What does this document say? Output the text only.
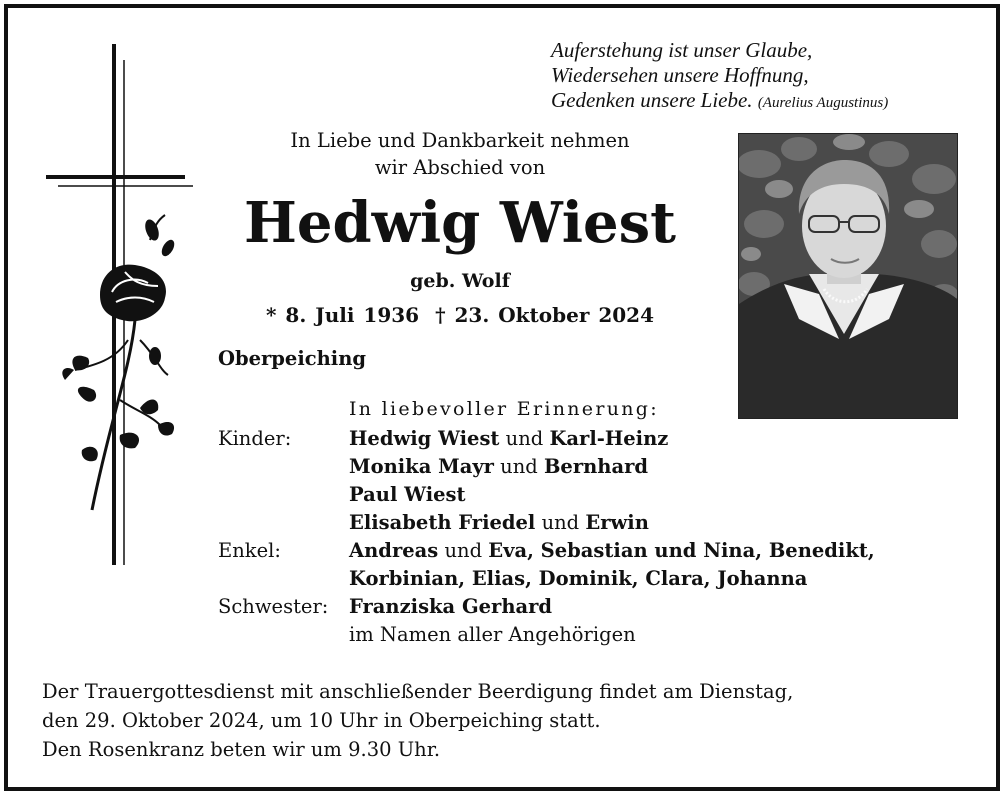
Auferstehung ist unser Glaube,
Wiedersehen unsere Hoffnung,
Gedenken unsere Liebe. (Aurelius Augustinus)
In Liebe und Dankbarkeit nehmen
wir Abschied von
Hedwig Wiest
geb. Wolf
* 8. Juli 1936 † 23. Oktober 2024
Oberpeiching
In liebevoller Erinnerung:
Kinder:	Hedwig Wiest und Karl-Heinz
Monika Mayr und Bernhard
Paul Wiest
Elisabeth Friedel und Erwin
Enkel:	Andreas und Eva, Sebastian und Nina, Benedikt,
Korbinian, Elias, Dominik, Clara, Johanna
Schwester: Franziska Gerhard
im Namen aller Angehörigen
Der Trauergottesdienst mit anschließender Beerdigung findet am Dienstag,
den 29. Oktober 2024, um 10 Uhr in Oberpeiching statt.
Den Rosenkranz beten wir um 9.30 Uhr.
